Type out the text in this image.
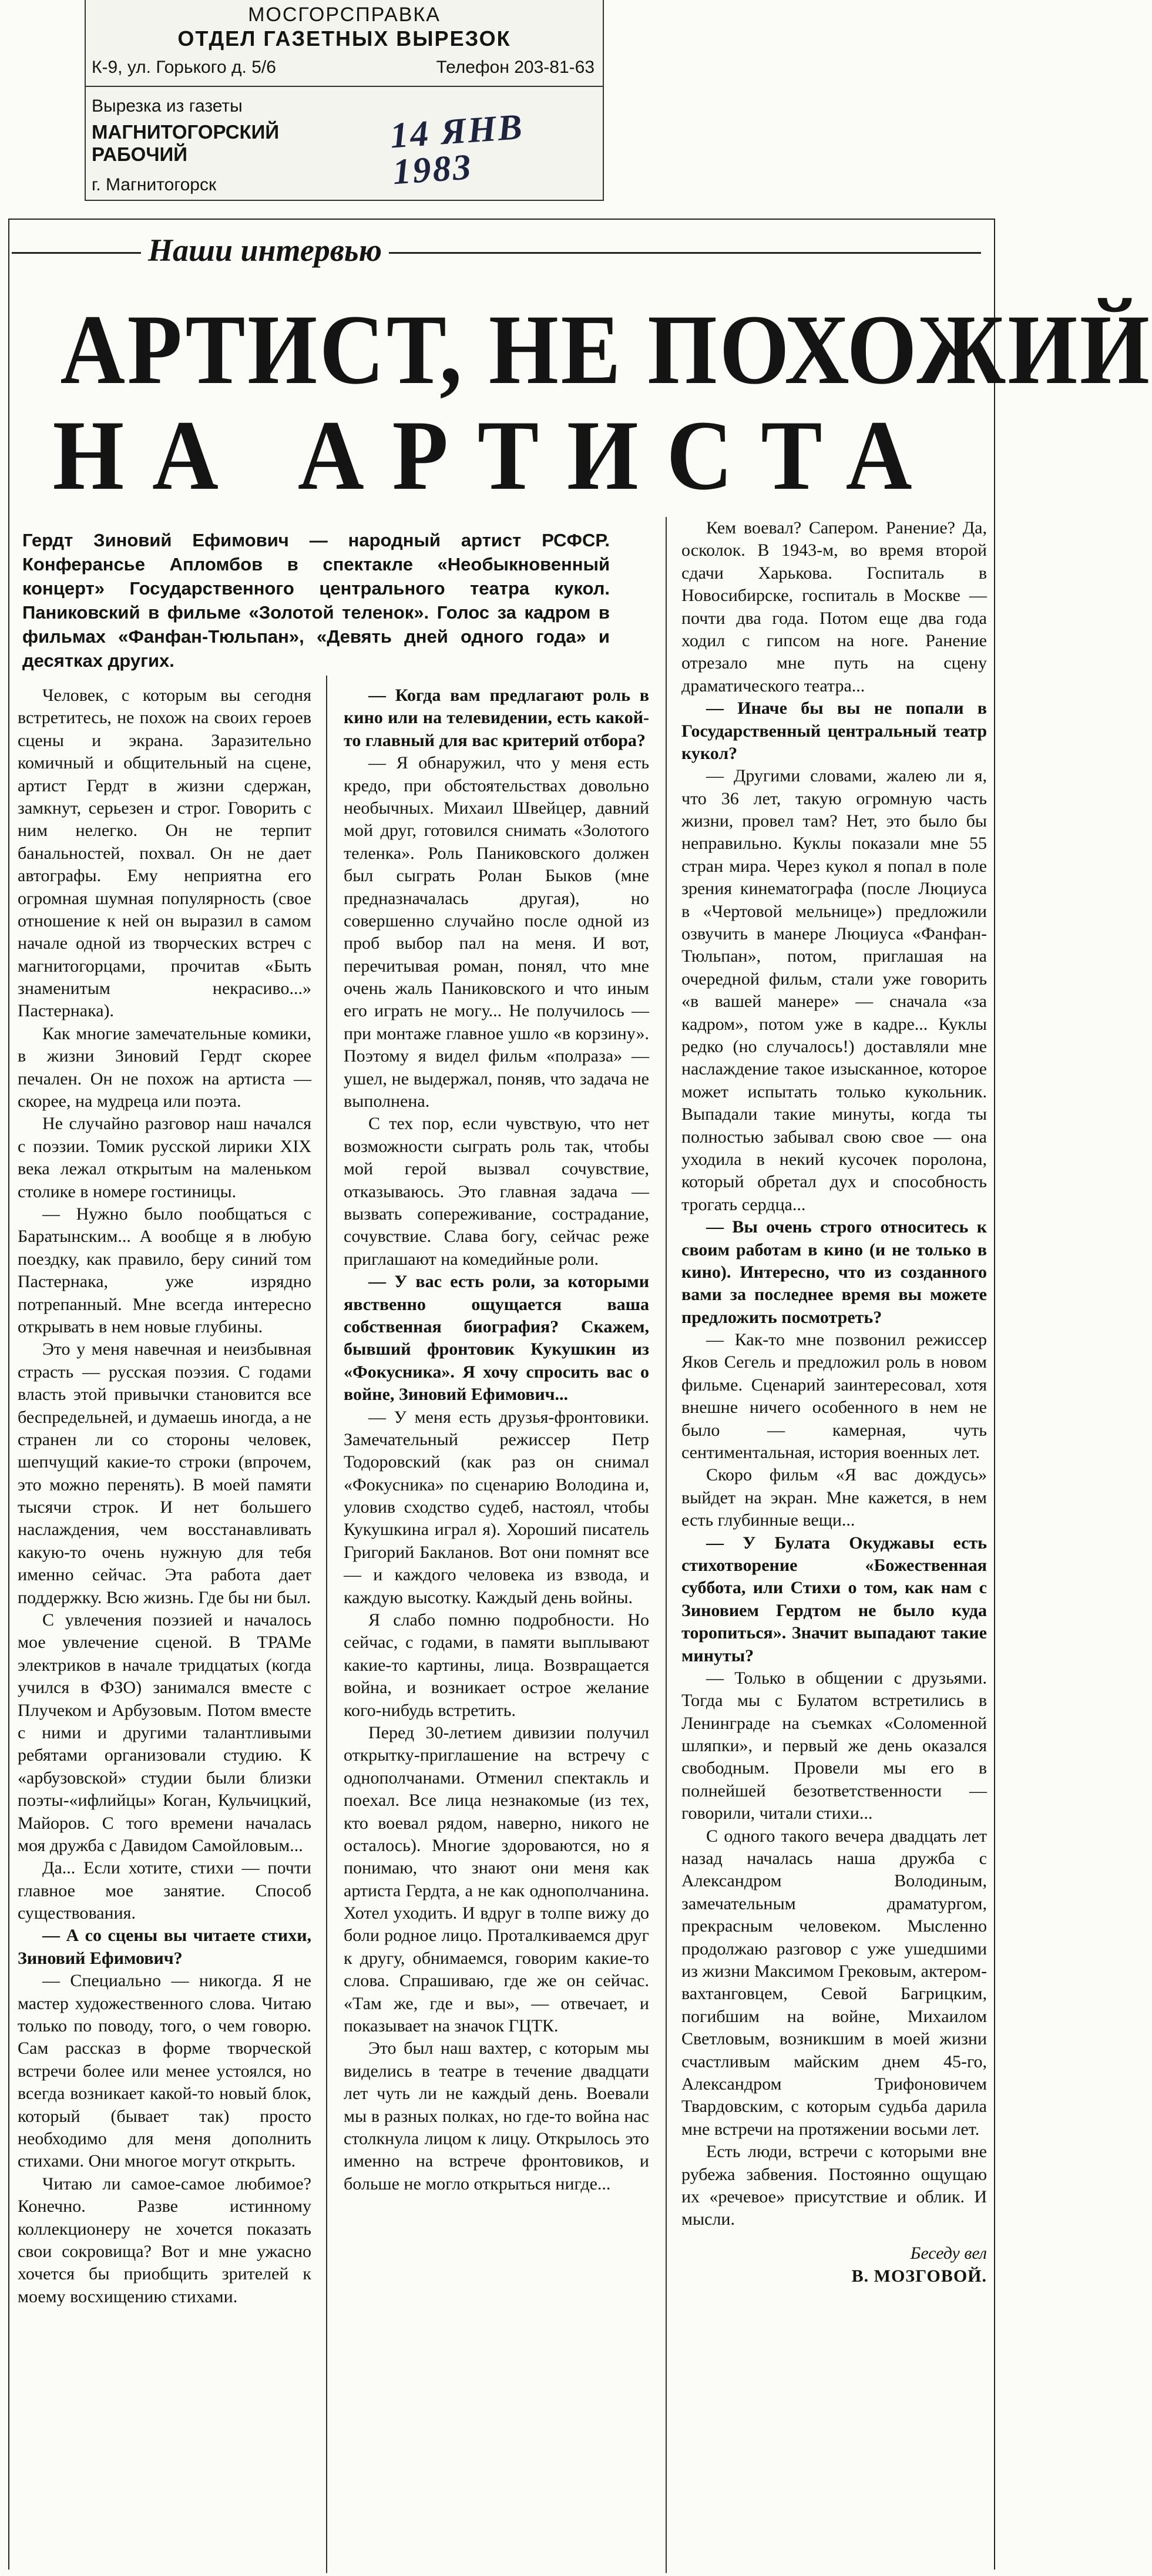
МОСГОРСПРАВКА
ОТДЕЛ ГАЗЕТНЫХ ВЫРЕЗОК
К-9, ул. Горького д. 5/6	Телефон 203-81-63
Вырезка из газеты
МАГНИТОГОРСКИЙ
РАБОЧИЙ
г. Магнитогорск
14 ЯНВ 1983
Наши интервью
АРТИСТ, НЕ ПОХОЖИЙ
НА АРТИСТА
Гердт Зиновий Ефимович — народный артист РСФСР. Конферансье Апломбов в спектакле «Необыкновенный концерт» Государственного центрального театра кукол. Паниковский в фильме «Золотой теленок». Голос за кадром в фильмах «Фанфан-Тюльпан», «Девять дней одного года» и десятках других.

Человек, с которым вы сегодня встретитесь, не похож на своих героев сцены и экрана. Заразительно комичный и общительный на сцене, артист Гердт в жизни сдержан, замкнут, серьезен и строг. Говорить с ним нелегко. Он не терпит банальностей, похвал. Он не дает автографы. Ему неприятна его огромная шумная популярность (свое отношение к ней он выразил в самом начале одной из творческих встреч с магнитогорцами, прочитав «Быть знаменитым некрасиво...» Пастернака).

Как многие замечательные комики, в жизни Зиновий Гердт скорее печален. Он не похож на артиста — скорее, на мудреца или поэта.

Не случайно разговор наш начался с поэзии. Томик русской лирики XIX века лежал открытым на маленьком столике в номере гостиницы.

— Нужно было пообщаться с Баратынским... А вообще я в любую поездку, как правило, беру синий том Пастернака, уже изрядно потрепанный. Мне всегда интересно открывать в нем новые глубины.

Это у меня навечная и неизбывная страсть — русская поэзия. С годами власть этой привычки становится все беспредельней, и думаешь иногда, а не странен ли со стороны человек, шепчущий какие-то строки (впрочем, это можно перенять). В моей памяти тысячи строк. И нет большего наслаждения, чем восстанавливать какую-то очень нужную для тебя именно сейчас. Эта работа дает поддержку. Всю жизнь. Где бы ни был.

С увлечения поэзией и началось мое увлечение сценой. В ТРАМе электриков в начале тридцатых (когда учился в ФЗО) занимался вместе с Плучеком и Арбузовым. Потом вместе с ними и другими талантливыми ребятами организовали студию. К «арбузовской» студии были близки поэты-«ифлийцы» Коган, Кульчицкий, Майоров. С того времени началась моя дружба с Давидом Самойловым...

Да... Если хотите, стихи — почти главное мое занятие. Способ существования.

— А со сцены вы читаете стихи, Зиновий Ефимович?

— Специально — никогда. Я не мастер художественного слова. Читаю только по поводу, того, о чем говорю. Сам рассказ в форме творческой встречи более или менее устоялся, но всегда возникает какой-то новый блок, который (бывает так) просто необходимо для меня дополнить стихами. Они многое могут открыть.

Читаю ли самое-самое любимое? Конечно. Разве истинному коллекционеру не хочется показать свои сокровища? Вот и мне ужасно хочется бы приобщить зрителей к моему восхищению стихами.

— Когда вам предлагают роль в кино или на телевидении, есть какой-то главный для вас критерий отбора?

— Я обнаружил, что у меня есть кредо, при обстоятельствах довольно необычных. Михаил Швейцер, давний мой друг, готовился снимать «Золотого теленка». Роль Паниковского должен был сыграть Ролан Быков (мне предназначалась другая), но совершенно случайно после одной из проб выбор пал на меня. И вот, перечитывая роман, понял, что мне очень жаль Паниковского и что иным его играть не могу... Не получилось — при монтаже главное ушло «в корзину». Поэтому я видел фильм «полраза» — ушел, не выдержал, поняв, что задача не выполнена.

С тех пор, если чувствую, что нет возможности сыграть роль так, чтобы мой герой вызвал сочувствие, отказываюсь. Это главная задача — вызвать сопереживание, сострадание, сочувствие. Слава богу, сейчас реже приглашают на комедийные роли.

— У вас есть роли, за которыми явственно ощущается ваша собственная биография? Скажем, бывший фронтовик Кукушкин из «Фокусника». Я хочу спросить вас о войне, Зиновий Ефимович...

— У меня есть друзья-фронтовики. Замечательный режиссер Петр Тодоровский (как раз он снимал «Фокусника» по сценарию Володина и, уловив сходство судеб, настоял, чтобы Кукушкина играл я). Хороший писатель Григорий Бакланов. Вот они помнят все — и каждого человека из взвода, и каждую высотку. Каждый день войны.

Я слабо помню подробности. Но сейчас, с годами, в памяти выплывают какие-то картины, лица. Возвращается война, и возникает острое желание кого-нибудь встретить.

Перед 30-летием дивизии получил открытку-приглашение на встречу с однополчанами. Отменил спектакль и поехал. Все лица незнакомые (из тех, кто воевал рядом, наверно, никого не осталось). Многие здороваются, но я понимаю, что знают они меня как артиста Гердта, а не как однополчанина. Хотел уходить. И вдруг в толпе вижу до боли родное лицо. Проталкиваемся друг к другу, обнимаемся, говорим какие-то слова. Спрашиваю, где же он сейчас. «Там же, где и вы», — отвечает, и показывает на значок ГЦТК.

Это был наш вахтер, с которым мы виделись в театре в течение двадцати лет чуть ли не каждый день. Воевали мы в разных полках, но где-то война нас столкнула лицом к лицу. Открылось это именно на встрече фронтовиков, и больше не могло открыться нигде...

Кем воевал? Сапером. Ранение? Да, осколок. В 1943-м, во время второй сдачи Харькова. Госпиталь в Новосибирске, госпиталь в Москве — почти два года. Потом еще два года ходил с гипсом на ноге. Ранение отрезало мне путь на сцену драматического театра...

— Иначе бы вы не попали в Государственный центральный театр кукол?

— Другими словами, жалею ли я, что 36 лет, такую огромную часть жизни, провел там? Нет, это было бы неправильно. Куклы показали мне 55 стран мира. Через кукол я попал в поле зрения кинематографа (после Люциуса в «Чертовой мельнице») предложили озвучить в манере Люциуса «Фанфан-Тюльпан», потом, приглашая на очередной фильм, стали уже говорить «в вашей манере» — сначала «за кадром», потом уже в кадре... Куклы редко (но случалось!) доставляли мне наслаждение такое изысканное, которое может испытать только кукольник. Выпадали такие минуты, когда ты полностью забывал свою свое — она уходила в некий кусочек поролона, который обретал дух и способность трогать сердца...

— Вы очень строго относитесь к своим работам в кино (и не только в кино). Интересно, что из созданного вами за последнее время вы можете предложить посмотреть?

— Как-то мне позвонил режиссер Яков Сегель и предложил роль в новом фильме. Сценарий заинтересовал, хотя внешне ничего особенного в нем не было — камерная, чуть сентиментальная, история военных лет.

Скоро фильм «Я вас дождусь» выйдет на экран. Мне кажется, в нем есть глубинные вещи...

— У Булата Окуджавы есть стихотворение «Божественная суббота, или Стихи о том, как нам с Зиновием Гердтом не было куда торопиться». Значит выпадают такие минуты?

— Только в общении с друзьями. Тогда мы с Булатом встретились в Ленинграде на съемках «Соломенной шляпки», и первый же день оказался свободным. Провели мы его в полнейшей безответственности — говорили, читали стихи...

С одного такого вечера двадцать лет назад началась наша дружба с Александром Володиным, замечательным драматургом, прекрасным человеком. Мысленно продолжаю разговор с уже ушедшими из жизни Максимом Грековым, актером-вахтанговцем, Севой Багрицким, погибшим на войне, Михаилом Светловым, возникшим в моей жизни счастливым майским днем 45-го, Александром Трифоновичем Твардовским, с которым судьба дарила мне встречи на протяжении восьми лет.

Есть люди, встречи с которыми вне рубежа забвения. Постоянно ощущаю их «речевое» присутствие и облик. И мысли.

Беседу вел
В. МОЗГОВОЙ.
